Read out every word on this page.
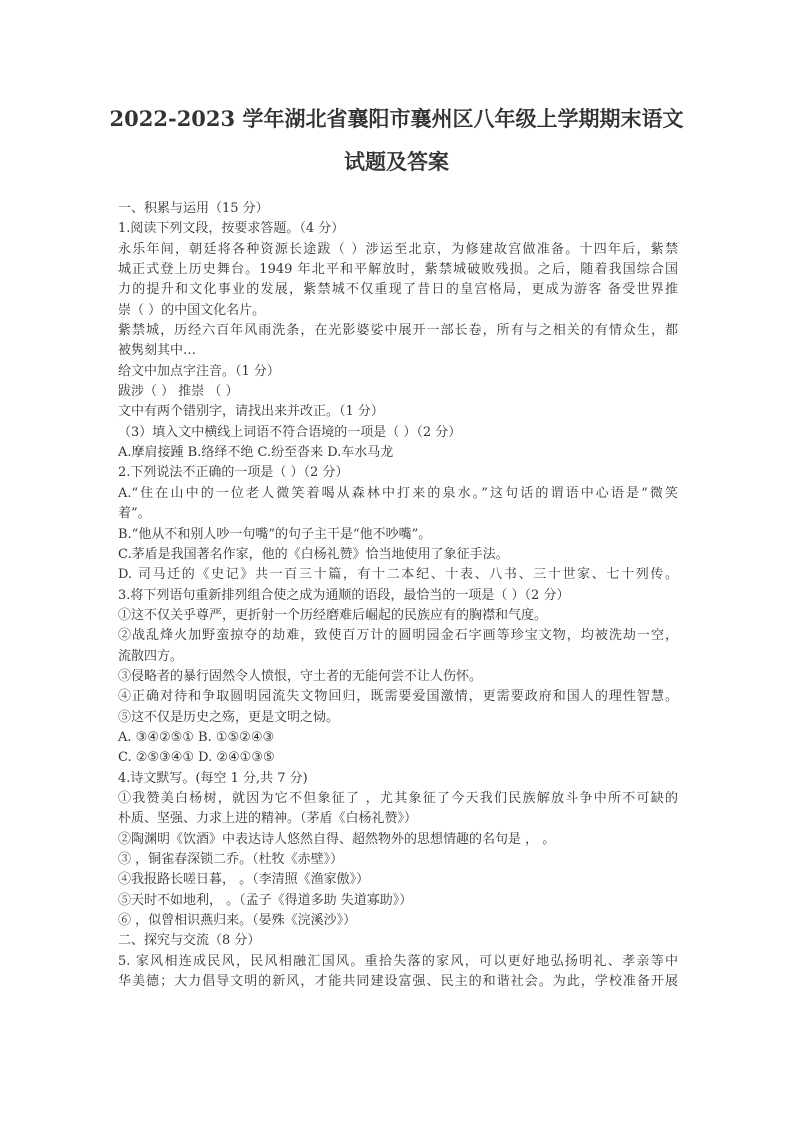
2022-2023 学年湖北省襄阳市襄州区八年级上学期期末语文
试题及答案
一、积累与运用（15 分）
1.阅读下列文段，按要求答题。（4 分）
永乐年间，朝廷将各种资源长途跋（ ）涉运至北京，为修建故宫做准备。十四年后，紫禁
城正式登上历史舞台。1949 年北平和平解放时，紫禁城破败残损。之后，随着我国综合国
力的提升和文化事业的发展，紫禁城不仅重现了昔日的皇宫格局，更成为游客 备受世界推
崇（ ）的中国文化名片。
紫禁城，历经六百年风雨洗条，在光影婆娑中展开一部长卷，所有与之相关的有情众生，都
被隽刻其中…
给文中加点字注音。（1 分）
跋涉（ ） 推崇 （ ）
文中有两个错别字，请找出来并改正。（1 分）
（3）填入文中横线上词语不符合语境的一项是（ ）（2 分）
A.摩肩接踵 B.络绎不绝 C.纷至沓来 D.车水马龙
2.下列说法不正确的一项是（ ）（2 分）
A.“住在山中的一位老人微笑着喝从森林中打来的泉水。”这句话的谓语中心语是“微笑
着”。
B.“他从不和别人吵一句嘴”的句子主干是“他不吵嘴”。
C.茅盾是我国著名作家，他的《白杨礼赞》恰当地使用了象征手法。
D. 司马迁的《史记》共一百三十篇，有十二本纪、十表、八书、三十世家、七十列传。
3.将下列语句重新排列组合使之成为通顺的语段，最恰当的一项是（ ）（2 分）
①这不仅关乎尊严，更折射一个历经磨难后崛起的民族应有的胸襟和气度。
②战乱烽火加野蛮掠夺的劫难，致使百万计的圆明园金石字画等珍宝文物，均被洗劫一空，
流散四方。
③侵略者的暴行固然令人愤恨，守土者的无能何尝不让人伤怀。
④正确对待和争取圆明园流失文物回归，既需要爱国激情，更需要政府和国人的理性智慧。
⑤这不仅是历史之殇，更是文明之恸。
A. ③④②⑤① B. ①⑤②④③
C. ②⑤③④① D. ②④①③⑤
4.诗文默写。(每空 1 分,共 7 分)
①我赞美白杨树，就因为它不但象征了 ，尤其象征了今天我们民族解放斗争中所不可缺的
朴质、坚强、力求上进的精神。（茅盾《白杨礼赞》）
②陶渊明《饮酒》中表达诗人悠然自得、超然物外的思想情趣的名句是 ， 。
③ ，铜雀春深锁二乔。（杜牧《赤壁》）
④我报路长嗟日暮， 。（李清照《渔家傲》）
⑤天时不如地利， 。（孟子《得道多助 失道寡助》）
⑥ ，似曾相识燕归来。（晏殊《浣溪沙》）
二、探究与交流（8 分）
5. 家风相连成民风，民风相融汇国风。重拾失落的家风，可以更好地弘扬明礼、孝亲等中
华美德；大力倡导文明的新风，才能共同建设富强、民主的和谐社会。为此，学校准备开展
